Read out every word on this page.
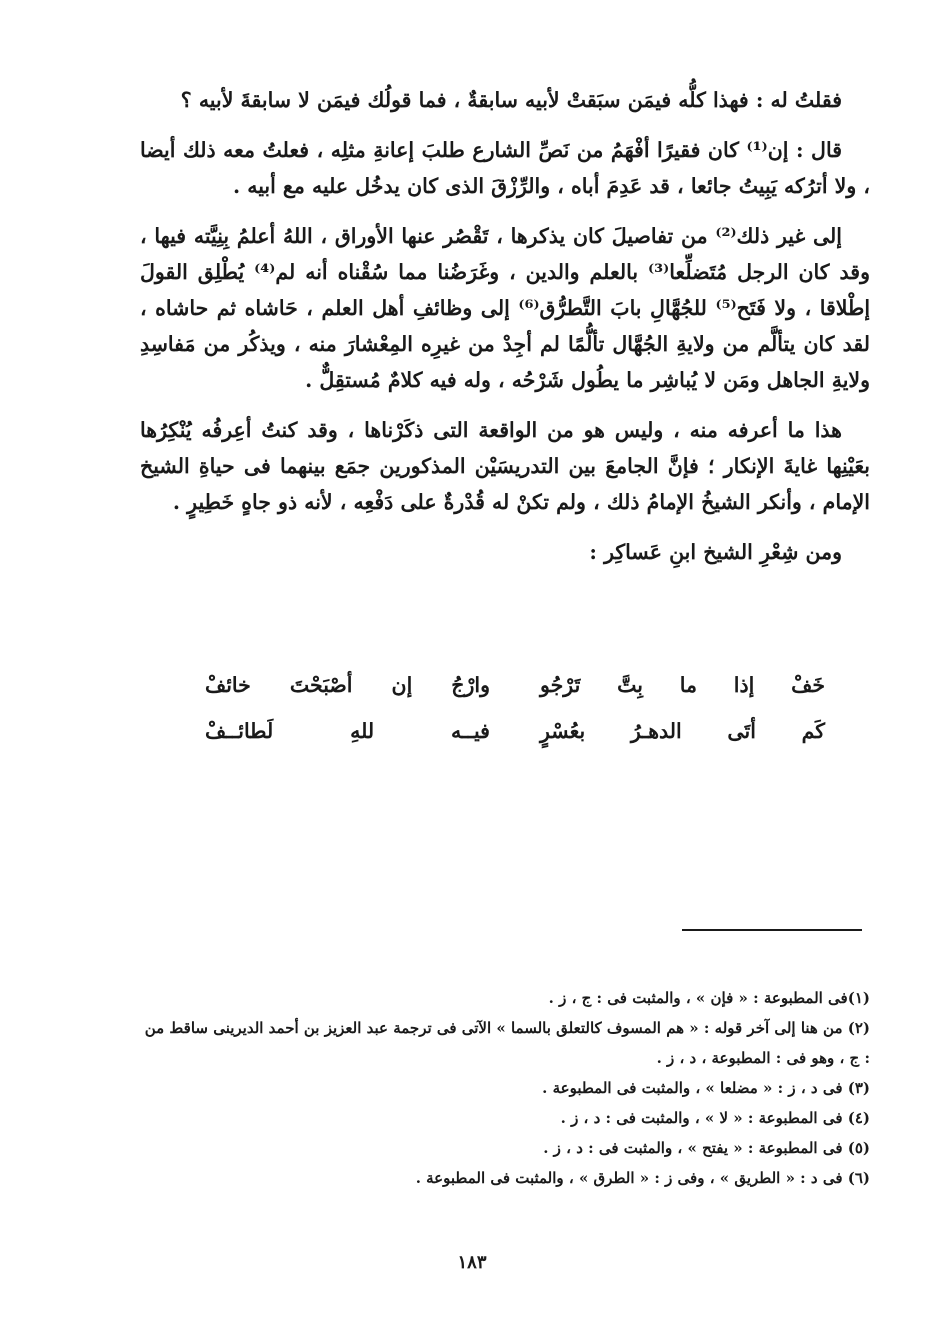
فقلتُ له : فهذا كلُّه فيمَن سبَقتْ لأبيه سابقةٌ ، فما قولُك فيمَن لا سابقةَ لأبيه ؟

قال : إن⁽¹⁾ كان فقيرًا أفْهَمُ من نَصِّ الشارع طلبَ إعانةِ مثلِه ، فعلتُ معه ذلك أيضا ، ولا أترُكه يَبِيتُ جائعا ، قد عَدِمَ أباه ، والرِّزْقَ الذى كان يدخُل عليه مع أبيه .

إلى غير ذلك⁽²⁾ من تفاصيلَ كان يذكرها ، تَقْصُر عنها الأوراق ، اللهُ أعلمُ بِنِيَّته فيها ، وقد كان الرجل مُتَضلِّعا⁽³⁾ بالعلم والدين ، وغَرَضُنا مما سُقْناه أنه لم⁽⁴⁾ يُطْلِق القولَ إطْلاقا ، ولا فَتَح⁽⁵⁾ للجُهَّالِ بابَ التَّطرُّق⁽⁶⁾ إلى وظائفِ أهل العلم ، حَاشاه ثم حاشاه ، لقد كان يتألَّم من ولايةِ الجُهَّال تألُّمًا لم أجِدْ من غيرِه المِعْشارَ منه ، ويذكُر من مَفاسِدِ ولايةِ الجاهل ومَن لا يُباشِر ما يطُول شَرْحُه ، وله فيه كلامٌ مُستقِلٌّ .

هذا ما أعرفه منه ، وليس هو من الواقعة التى ذكَرْناها ، وقد كنتُ أعِرفُه يُنْكِرُها بعَيْنِها غايةَ الإنكار ؛ فإنَّ الجامعَ بين التدريسَيْن المذكورين جمَع بينهما فى حياةِ الشيخ الإمام ، وأنكر الشيخُ الإمامُ ذلك ، ولم تكنْ له قُدْرةٌ على دَفْعِه ، لأنه ذو جاهٍ خَطِيرٍ .

ومن شِعْرِ الشيخ ابنِ عَساكِر :

خَفْ إذا ما بِتَّ تَرْجُو
وارْجُ إن أصْبَحْتَ خائفْ
كَم أتَى الدهـرُ بعُسْرٍ
فيــه للهِ لَطائــفْ
(١)فى المطبوعة : « فإن » ، والمثبت فى : ج ، ز .
(٢) من هنا إلى آخر قوله : « هم المسوف كالتعلق بالسما » الآتى فى ترجمة عبد العزيز بن أحمد الديرينى ساقط من : ج ، وهو فى : المطبوعة ، د ، ز .
(٣) فى د ، ز : « مضلعا » ، والمثبت فى المطبوعة .
(٤) فى المطبوعة : « لا » ، والمثبت فى : د ، ز .
(٥) فى المطبوعة : « يفتح » ، والمثبت فى : د ، ز .
(٦) فى د : « الطريق » ، وفى ز : « الطرق » ، والمثبت فى المطبوعة .
١٨٣
